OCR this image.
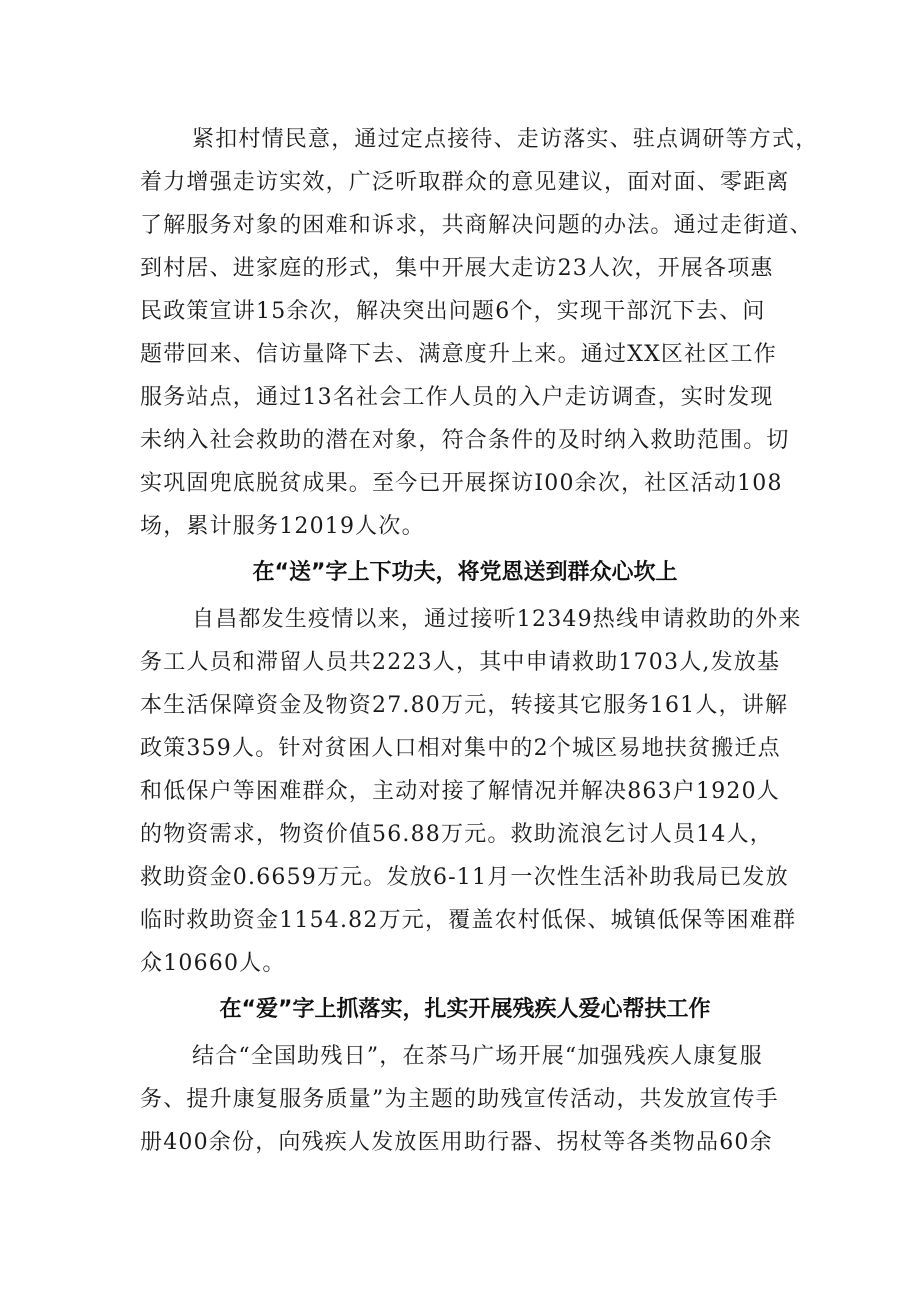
紧扣村情民意，通过定点接待、走访落实、驻点调研等方式，
着力增强走访实效，广泛听取群众的意见建议，面对面、零距离
了解服务对象的困难和诉求，共商解决问题的办法。通过走街道、
到村居、进家庭的形式，集中开展大走访23人次，开展各项惠
民政策宣讲15余次，解决突出问题6个，实现干部沉下去、问
题带回来、信访量降下去、满意度升上来。通过XX区社区工作
服务站点，通过13名社会工作人员的入户走访调查，实时发现
未纳入社会救助的潜在对象，符合条件的及时纳入救助范围。切
实巩固兜底脱贫成果。至今已开展探访I00余次，社区活动108
场，累计服务12019人次。
在“送”字上下功夫，将党恩送到群众心坎上
自昌都发生疫情以来，通过接听12349热线申请救助的外来
务工人员和滞留人员共2223人，其中申请救助1703人,发放基
本生活保障资金及物资27.80万元，转接其它服务161人，讲解
政策359人。针对贫困人口相对集中的2个城区易地扶贫搬迁点
和低保户等困难群众，主动对接了解情况并解决863户1920人
的物资需求，物资价值56.88万元。救助流浪乞讨人员14人，
救助资金0.6659万元。发放6-11月一次性生活补助我局已发放
临时救助资金1154.82万元，覆盖农村低保、城镇低保等困难群
众10660人。
在“爱”字上抓落实，扎实开展残疾人爱心帮扶工作
结合“全国助残日”，在茶马广场开展“加强残疾人康复服
务、提升康复服务质量”为主题的助残宣传活动，共发放宣传手
册400余份，向残疾人发放医用助行器、拐杖等各类物品60余
